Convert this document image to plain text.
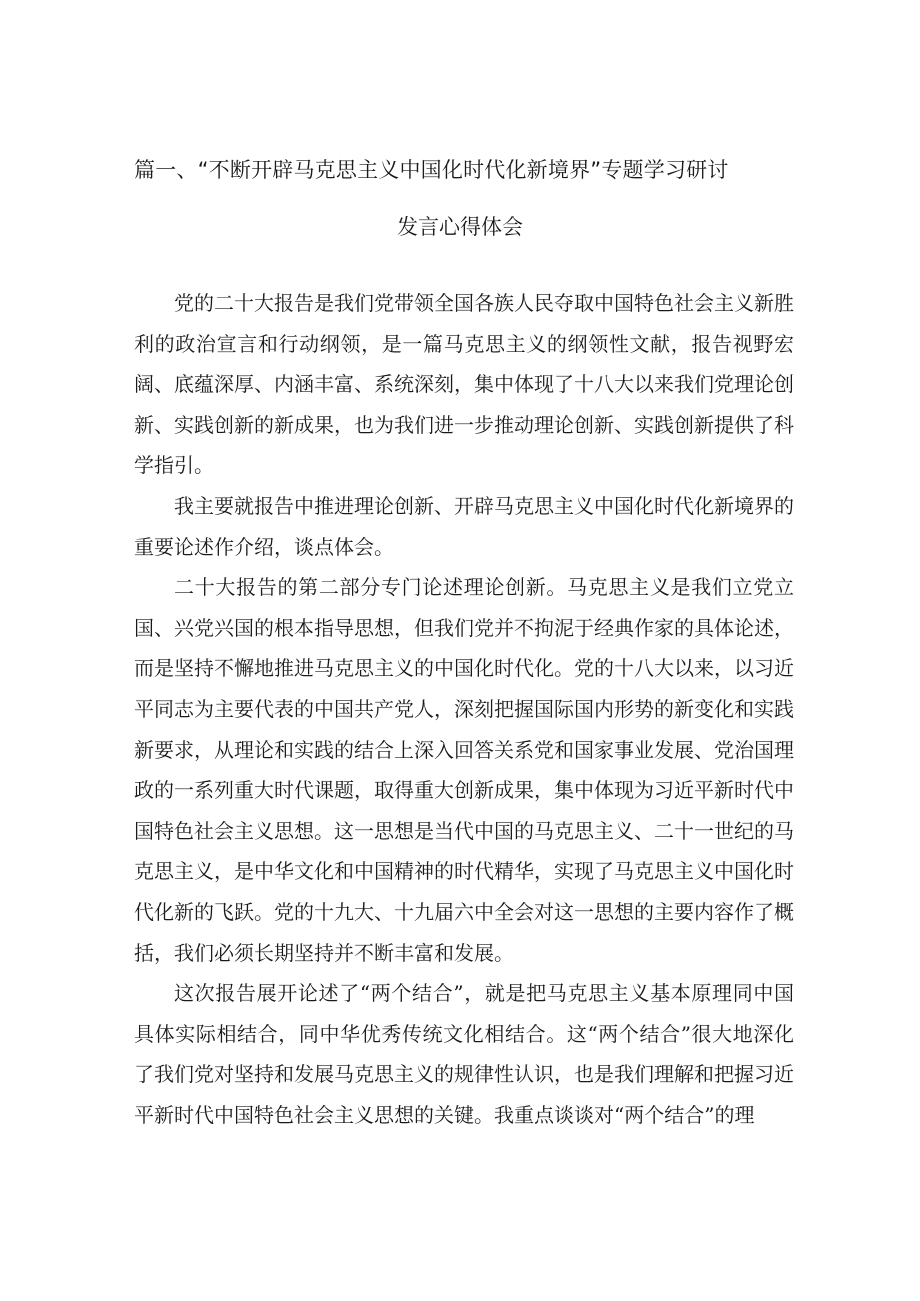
篇一、“不断开辟马克思主义中国化时代化新境界”专题学习研讨
发言心得体会

党的二十大报告是我们党带领全国各族人民夺取中国特色社会主义新胜利的政治宣言和行动纲领，是一篇马克思主义的纲领性文献，报告视野宏阔、底蕴深厚、内涵丰富、系统深刻，集中体现了十八大以来我们党理论创新、实践创新的新成果，也为我们进一步推动理论创新、实践创新提供了科学指引。

我主要就报告中推进理论创新、开辟马克思主义中国化时代化新境界的重要论述作介绍，谈点体会。

二十大报告的第二部分专门论述理论创新。马克思主义是我们立党立国、兴党兴国的根本指导思想，但我们党并不拘泥于经典作家的具体论述，而是坚持不懈地推进马克思主义的中国化时代化。党的十八大以来，以习近平同志为主要代表的中国共产党人，深刻把握国际国内形势的新变化和实践新要求，从理论和实践的结合上深入回答关系党和国家事业发展、党治国理政的一系列重大时代课题，取得重大创新成果，集中体现为习近平新时代中国特色社会主义思想。这一思想是当代中国的马克思主义、二十一世纪的马克思主义，是中华文化和中国精神的时代精华，实现了马克思主义中国化时代化新的飞跃。党的十九大、十九届六中全会对这一思想的主要内容作了概括，我们必须长期坚持并不断丰富和发展。

这次报告展开论述了“两个结合”，就是把马克思主义基本原理同中国具体实际相结合，同中华优秀传统文化相结合。这“两个结合”很大地深化了我们党对坚持和发展马克思主义的规律性认识，也是我们理解和把握习近平新时代中国特色社会主义思想的关键。我重点谈谈对“两个结合”的理
